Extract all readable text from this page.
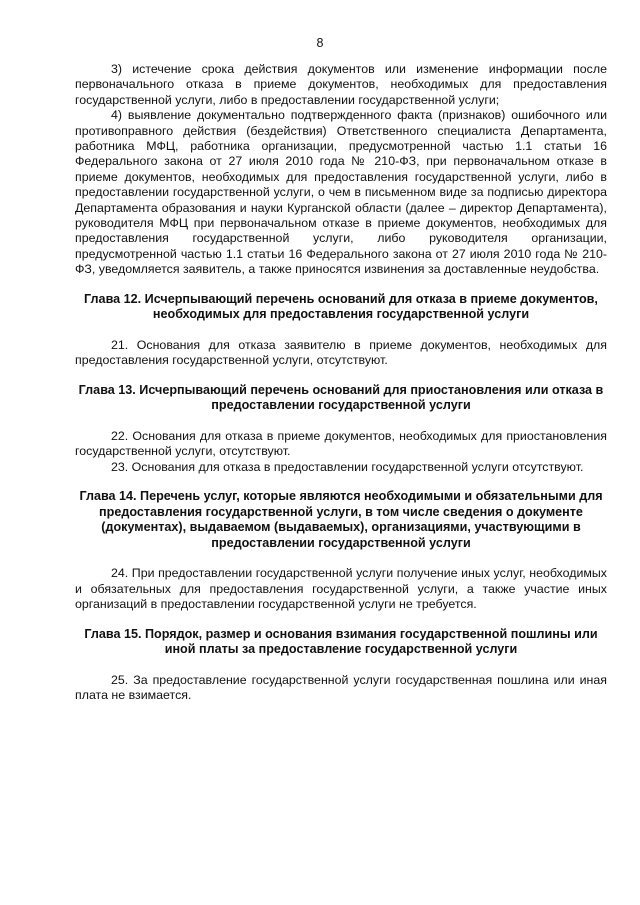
8

3) истечение срока действия документов или изменение информации после первоначального отказа в приеме документов, необходимых для предоставления государственной услуги, либо в предоставлении государственной услуги;

4) выявление документально подтвержденного факта (признаков) ошибочного или противоправного действия (бездействия) Ответственного специалиста Департамента, работника МФЦ, работника организации, предусмотренной частью 1.1 статьи 16 Федерального закона от 27 июля 2010 года № 210-ФЗ, при первоначальном отказе в приеме документов, необходимых для предоставления государственной услуги, либо в предоставлении государственной услуги, о чем в письменном виде за подписью директора Департамента образования и науки Курганской области (далее – директор Департамента), руководителя МФЦ при первоначальном отказе в приеме документов, необходимых для предоставления государственной услуги, либо руководителя организации, предусмотренной частью 1.1 статьи 16 Федерального закона от 27 июля 2010 года № 210-ФЗ, уведомляется заявитель, а также приносятся извинения за доставленные неудобства.

Глава 12. Исчерпывающий перечень оснований для отказа в приеме документов, необходимых для предоставления государственной услуги

21. Основания для отказа заявителю в приеме документов, необходимых для предоставления государственной услуги, отсутствуют.

Глава 13. Исчерпывающий перечень оснований для приостановления или отказа в предоставлении государственной услуги

22. Основания для отказа в приеме документов, необходимых для приостановления государственной услуги, отсутствуют.

23. Основания для отказа в предоставлении государственной услуги отсутствуют.

Глава 14. Перечень услуг, которые являются необходимыми и обязательными для предоставления государственной услуги, в том числе сведения о документе (документах), выдаваемом (выдаваемых), организациями, участвующими в предоставлении государственной услуги

24. При предоставлении государственной услуги получение иных услуг, необходимых и обязательных для предоставления государственной услуги, а также участие иных организаций в предоставлении государственной услуги не требуется.

Глава 15. Порядок, размер и основания взимания государственной пошлины или иной платы за предоставление государственной услуги

25. За предоставление государственной услуги государственная пошлина или иная плата не взимается.
